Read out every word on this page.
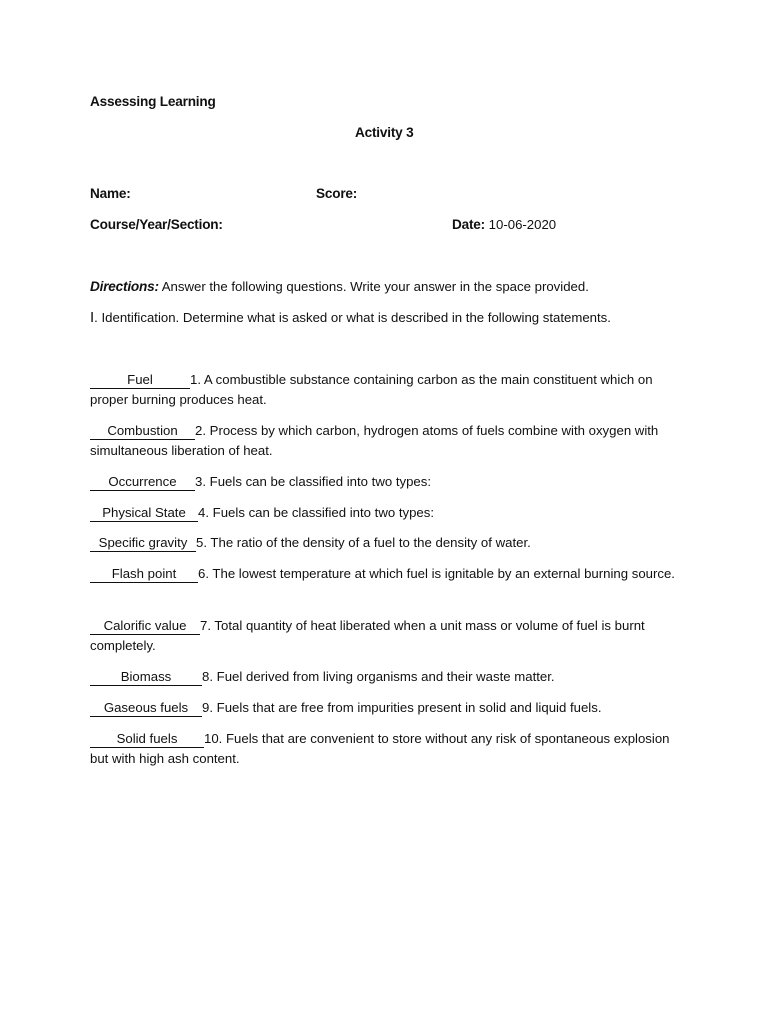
Assessing Learning
Activity 3
Name:	Score:
Course/Year/Section:	Date: 10-06-2020
Directions: Answer the following questions. Write your answer in the space provided.
I. Identification. Determine what is asked or what is described in the following statements.
Fuel	1. A combustible substance containing carbon as the main constituent which on proper burning produces heat.
Combustion 2. Process by which carbon, hydrogen atoms of fuels combine with oxygen with simultaneous liberation of heat.
Occurrence 3. Fuels can be classified into two types:
Physical State 4. Fuels can be classified into two types:
Specific gravity 5. The ratio of the density of a fuel to the density of water.
Flash point 6. The lowest temperature at which fuel is ignitable by an external burning source.
Calorific value 7. Total quantity of heat liberated when a unit mass or volume of fuel is burnt completely.
Biomass 8. Fuel derived from living organisms and their waste matter.
Gaseous fuels 9. Fuels that are free from impurities present in solid and liquid fuels.
Solid fuels 10. Fuels that are convenient to store without any risk of spontaneous explosion but with high ash content.
